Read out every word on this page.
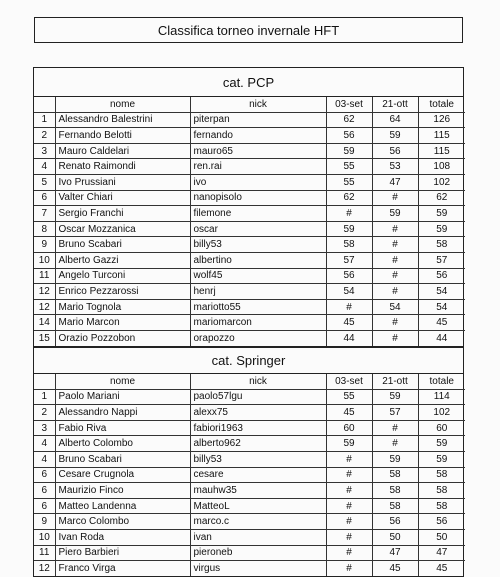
Classifica torneo invernale HFT
cat. PCP
	nome	nick	03-set	21-ott	totale
1	Alessandro Balestrini	piterpan	62	64	126
2	Fernando Belotti	fernando	56	59	115
3	Mauro Caldelari	mauro65	59	56	115
4	Renato Raimondi	ren.rai	55	53	108
5	Ivo Prussiani	ivo	55	47	102
6	Valter Chiari	nanopisolo	62	#	62
7	Sergio Franchi	filemone	#	59	59
8	Oscar Mozzanica	oscar	59	#	59
9	Bruno Scabari	billy53	58	#	58
10	Alberto Gazzi	albertino	57	#	57
11	Angelo Turconi	wolf45	56	#	56
12	Enrico Pezzarossi	henrj	54	#	54
12	Mario Tognola	mariotto55	#	54	54
14	Mario Marcon	mariomarcon	45	#	45
15	Orazio Pozzobon	orapozzo	44	#	44
cat. Springer
	nome	nick	03-set	21-ott	totale
1	Paolo Mariani	paolo57lgu	55	59	114
2	Alessandro Nappi	alexx75	45	57	102
3	Fabio Riva	fabiori1963	60	#	60
4	Alberto Colombo	alberto962	59	#	59
4	Bruno Scabari	billy53	#	59	59
6	Cesare Crugnola	cesare	#	58	58
6	Maurizio Finco	mauhw35	#	58	58
6	Matteo Landenna	MatteoL	#	58	58
9	Marco Colombo	marco.c	#	56	56
10	Ivan Roda	ivan	#	50	50
11	Piero Barbieri	pieroneb	#	47	47
12	Franco Virga	virgus	#	45	45
